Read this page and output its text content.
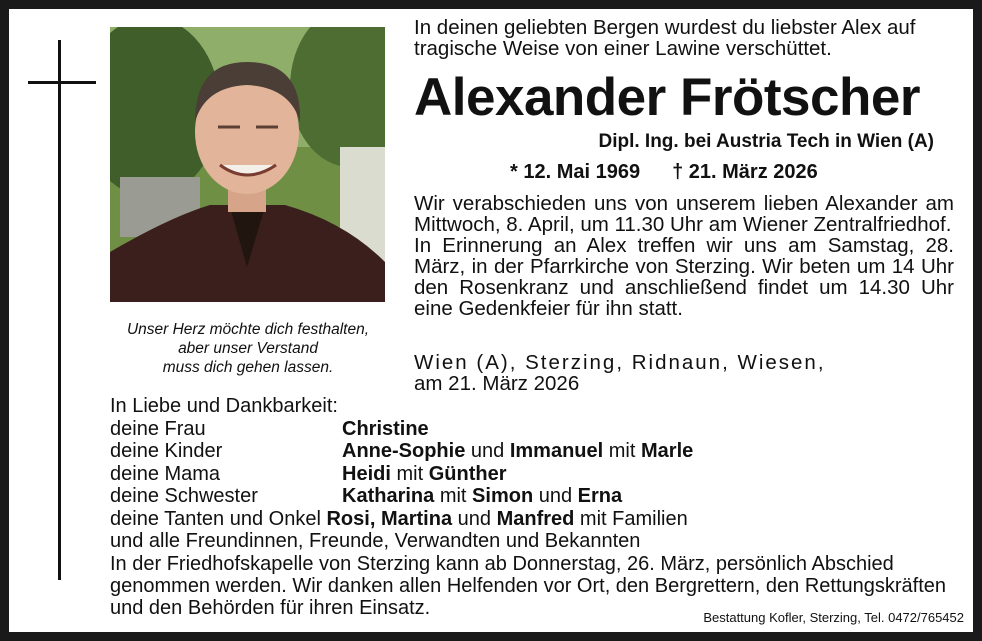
Unser Herz möchte dich festhalten,
aber unser Verstand
muss dich gehen lassen.
In deinen geliebten Bergen wurdest du liebster Alex auf tragische Weise von einer Lawine verschüttet.
Alexander Frötscher
Dipl. Ing. bei Austria Tech in Wien (A)
* 12. Mai 1969 † 21. März 2026

Wir verabschieden uns von unserem lieben Alexander am Mittwoch, 8. April, um 11.30 Uhr am Wiener Zentralfriedhof.

In Erinnerung an Alex treffen wir uns am Samstag, 28. März, in der Pfarrkirche von Sterzing. Wir beten um 14 Uhr den Rosenkranz und anschließend findet um 14.30 Uhr eine Gedenkfeier für ihn statt.

Wien (A), Sterzing, Ridnaun, Wiesen,
am 21. März 2026
In Liebe und Dankbarkeit:
deine Frau	Christine
deine Kinder	Anne-Sophie und Immanuel mit Marle
deine Mama	Heidi mit Günther
deine Schwester	Katharina mit Simon und Erna
deine Tanten und Onkel Rosi, Martina und Manfred mit Familien
und alle Freundinnen, Freunde, Verwandten und Bekannten

In der Friedhofskapelle von Sterzing kann ab Donnerstag, 26. März, persönlich Abschied genommen werden. Wir danken allen Helfenden vor Ort, den Bergrettern, den Rettungskräften und den Behörden für ihren Einsatz.	Bestattung Kofler, Sterzing, Tel. 0472/765452
